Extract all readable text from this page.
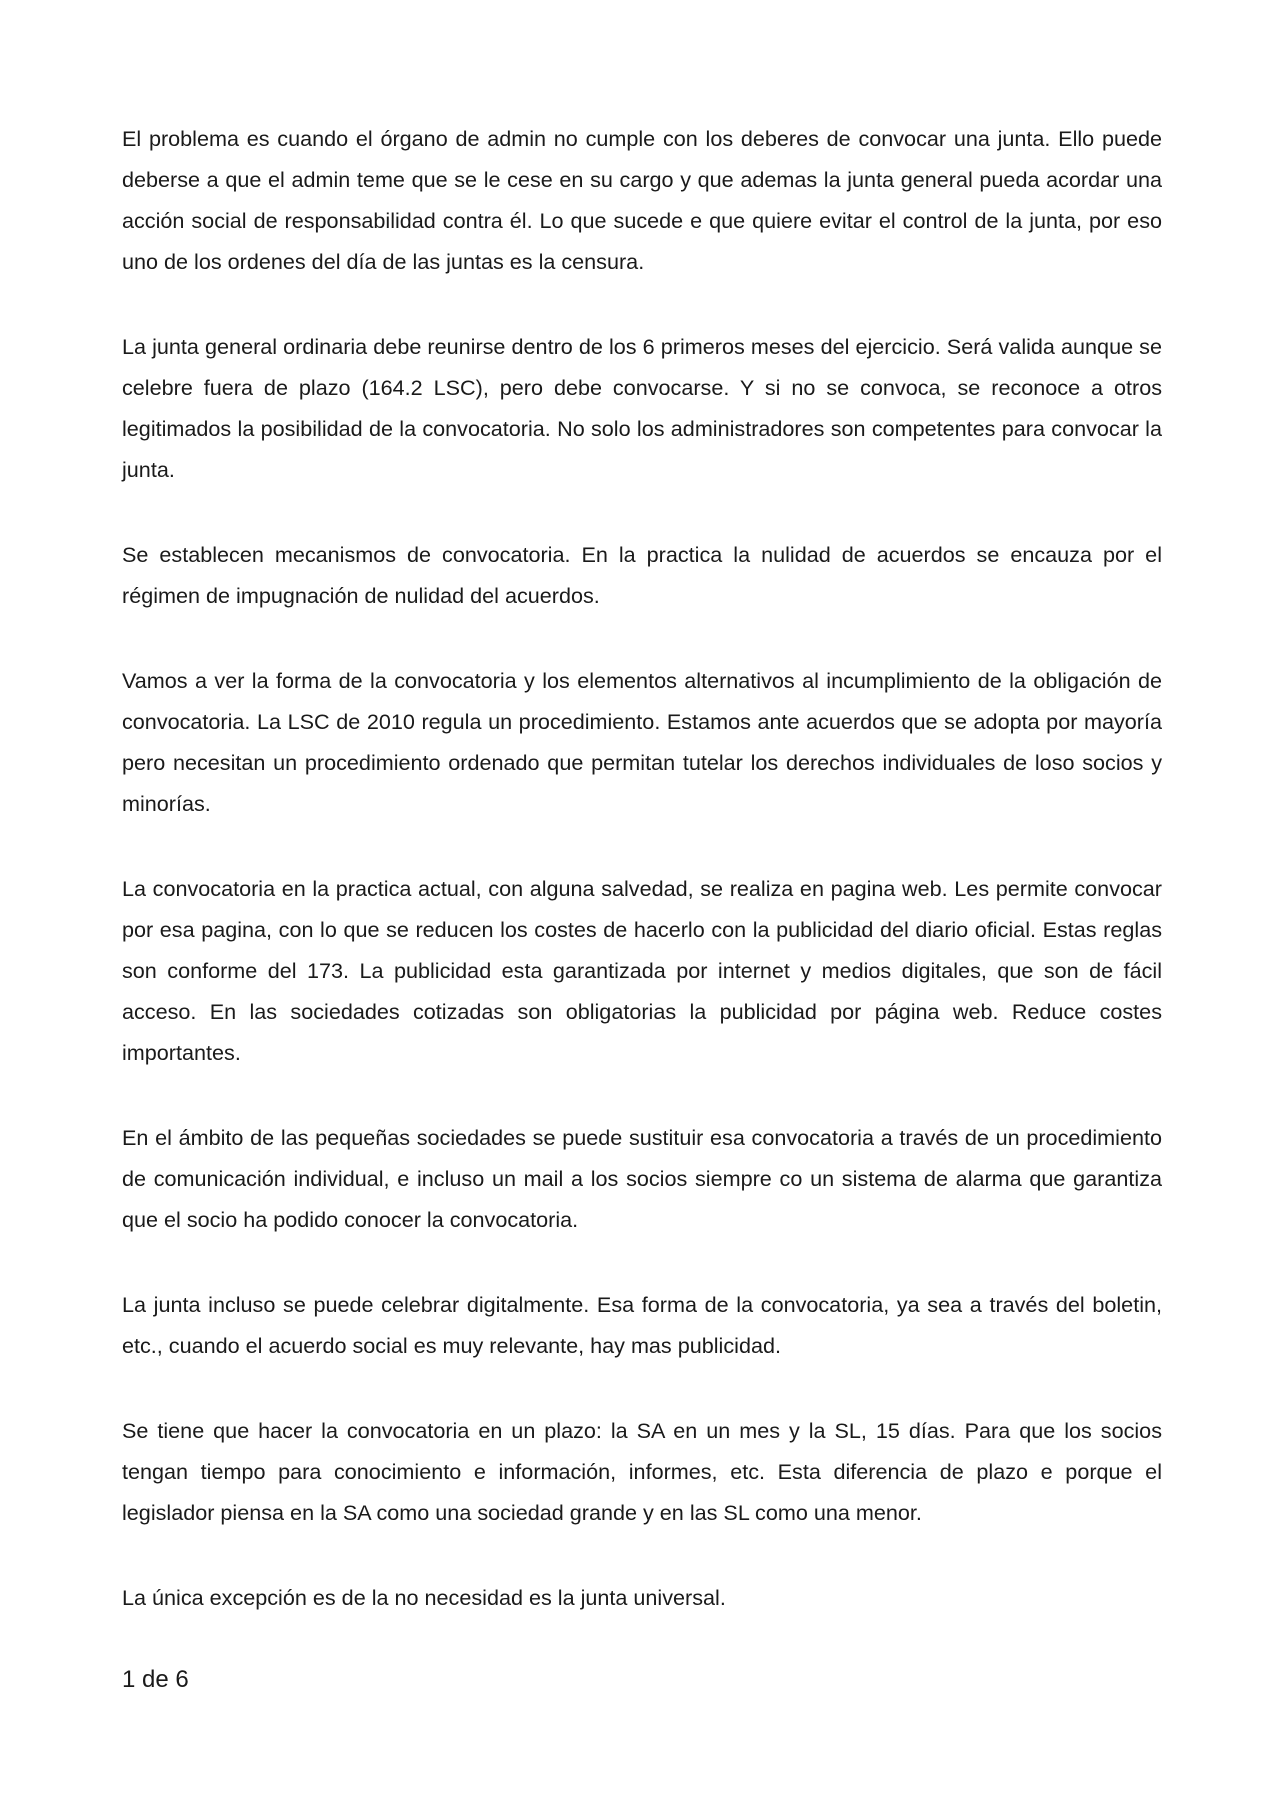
El problema es cuando el órgano de admin no cumple con los deberes de convocar una junta. Ello puede deberse a que el admin teme que se le cese en su cargo y que ademas la junta general pueda acordar una acción social de responsabilidad contra él. Lo que sucede e que quiere evitar el control de la junta, por eso uno de los ordenes del día de las juntas es la censura.

La junta general ordinaria debe reunirse dentro de los 6 primeros meses del ejercicio. Será valida aunque se celebre fuera de plazo (164.2 LSC), pero debe convocarse. Y si no se convoca, se reconoce a otros legitimados la posibilidad de la convocatoria. No solo los administradores son competentes para convocar la junta.

Se establecen mecanismos de convocatoria. En la practica la nulidad de acuerdos se encauza por el régimen de impugnación de nulidad del acuerdos.

Vamos a ver la forma de la convocatoria y los elementos alternativos al incumplimiento de la obligación de convocatoria. La LSC de 2010 regula un procedimiento. Estamos ante acuerdos que se adopta por mayoría pero necesitan un procedimiento ordenado que permitan tutelar los derechos individuales de loso socios y minorías.

La convocatoria en la practica actual, con alguna salvedad, se realiza en pagina web. Les permite convocar por esa pagina, con lo que se reducen los costes de hacerlo con la publicidad del diario oficial. Estas reglas son conforme del 173. La publicidad esta garantizada por internet y medios digitales, que son de fácil acceso. En las sociedades cotizadas son obligatorias la publicidad por página web. Reduce costes importantes.

En el ámbito de las pequeñas sociedades se puede sustituir esa convocatoria a través de un procedimiento de comunicación individual, e incluso un mail a los socios siempre co un sistema de alarma que garantiza que el socio ha podido conocer la convocatoria.

La junta incluso se puede celebrar digitalmente. Esa forma de la convocatoria, ya sea a través del boletin, etc., cuando el acuerdo social es muy relevante, hay mas publicidad.

Se tiene que hacer la convocatoria en un plazo: la SA en un mes y la SL, 15 días. Para que los socios tengan tiempo para conocimiento e información, informes, etc. Esta diferencia de plazo e porque el legislador piensa en la SA como una sociedad grande y en las SL como una menor.

La única excepción es de la no necesidad es la junta universal.

1 de 6
